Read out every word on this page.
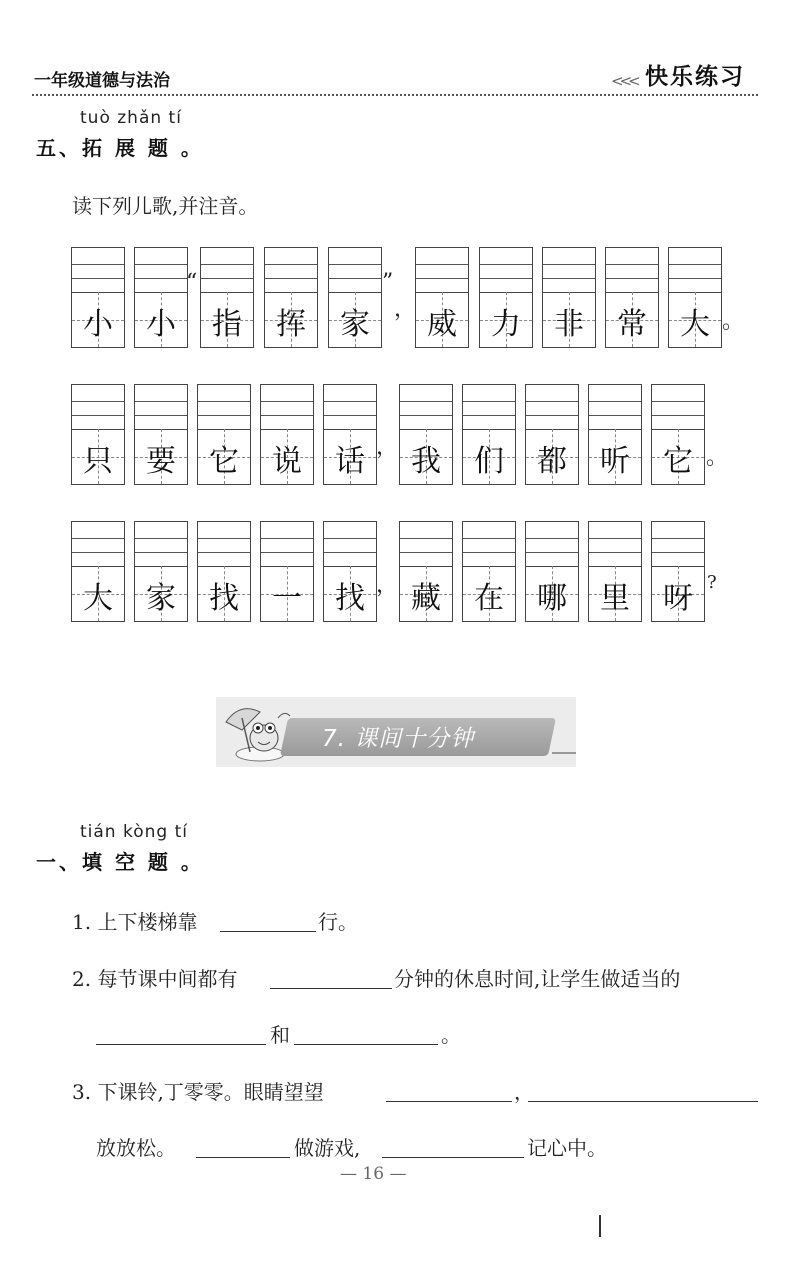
一年级道德与法治	<<< 快乐练习
tuò zhǎn tí
五、拓 展 题 。
读下列儿歌,并注音。
小	小	指	挥	家	威	力	非	常	大
只	要	它	说	话	我	们	都	听	它
大	家	找	一	找	藏	在	哪	里	呀
“	”
，	。
，	。
，	?
7. 课间十分钟
tián kòng tí
一、填 空 题 。
1. 上下楼梯靠	行。
2. 每节课中间都有	分钟的休息时间,让学生做适当的
和	。
3. 下课铃,丁零零。眼睛望望	，
放放松。	做游戏,	记心中。
— 16 —
